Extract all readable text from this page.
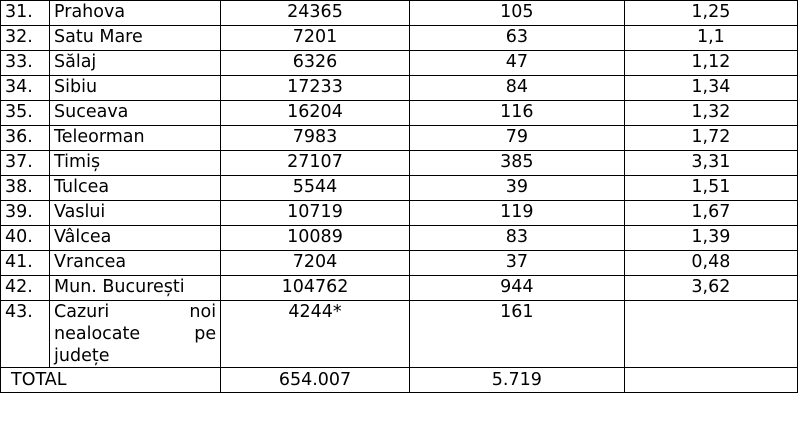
31.	Prahova	24365	105	1,25
32.	Satu Mare	7201	63	1,1
33.	Sălaj	6326	47	1,12
34.	Sibiu	17233	84	1,34
35.	Suceava	16204	116	1,32
36.	Teleorman	7983	79	1,72
37.	Timiș	27107	385	3,31
38.	Tulcea	5544	39	1,51
39.	Vaslui	10719	119	1,67
40.	Vâlcea	10089	83	1,39
41.	Vrancea	7204	37	0,48
42.	Mun. București	104762	944	3,62
43.	Cazuri noi
nealocate pe
județe	4244*	161	
TOTAL		654.007	5.719	
